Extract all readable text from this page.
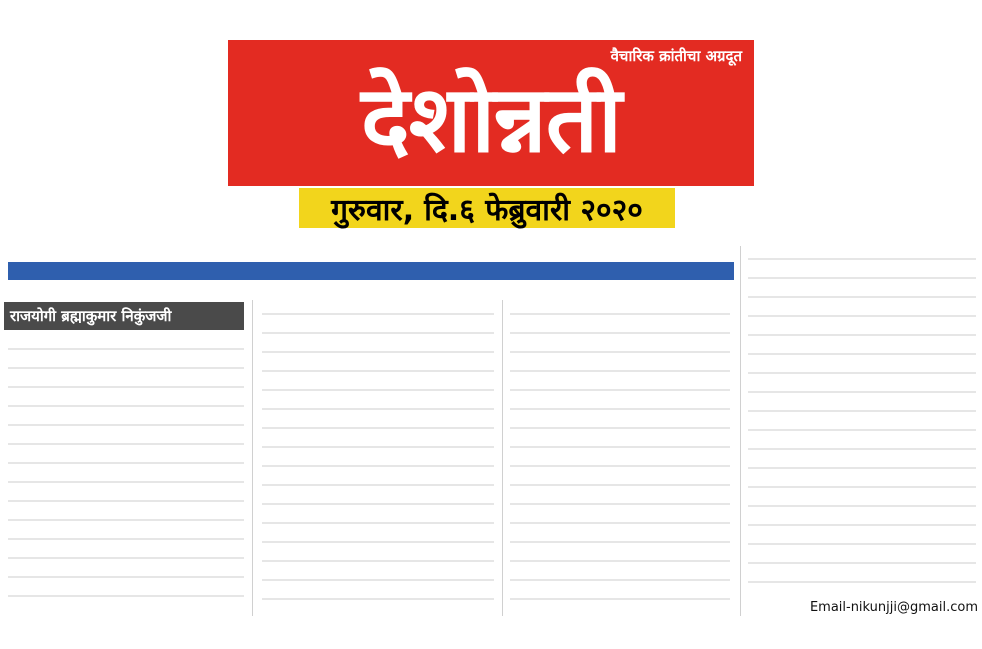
वैचारिक क्रांतीचा अग्रदूत
देशोन्नती
गुरुवार, दि.६ फेब्रुवारी २०२०
राजयोगी ब्रह्माकुमार निकुंजजी
Email-nikunjji@gmail.com
